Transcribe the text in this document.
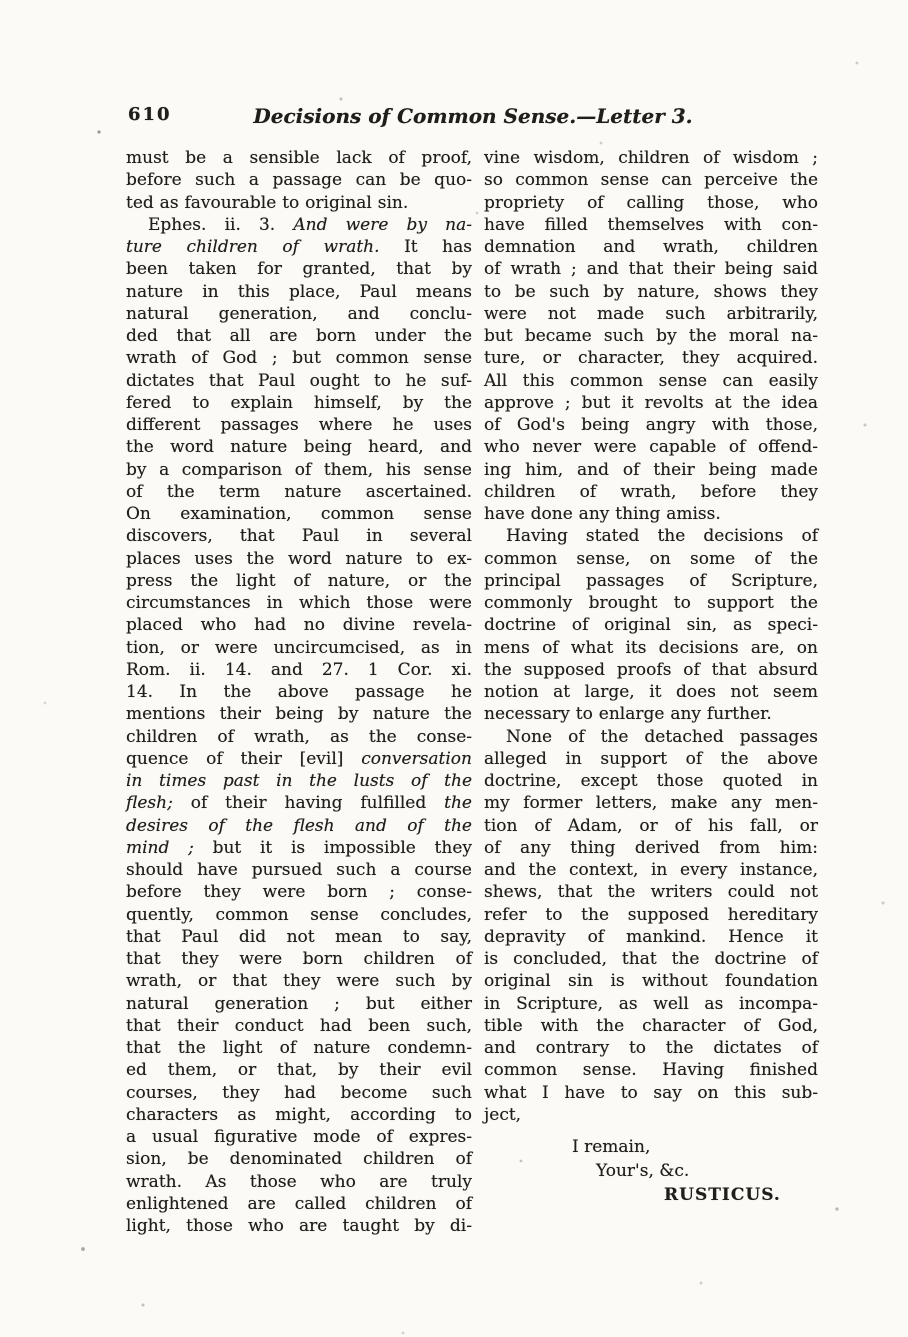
610	Decisions of Common Sense.—Letter 3.
must be a sensible lack of proof,
before such a passage can be quo-
ted as favourable to original sin.
Ephes. ii. 3. And were by na-
ture children of wrath. It has
been taken for granted, that by
nature in this place, Paul means
natural generation, and conclu-
ded that all are born under the
wrath of God ; but common sense
dictates that Paul ought to he suf-
fered to explain himself, by the
different passages where he uses
the word nature being heard, and
by a comparison of them, his sense
of the term nature ascertained.
On examination, common sense
discovers, that Paul in several
places uses the word nature to ex-
press the light of nature, or the
circumstances in which those were
placed who had no divine revela-
tion, or were uncircumcised, as in
Rom. ii. 14. and 27. 1 Cor. xi.
14. In the above passage he
mentions their being by nature the
children of wrath, as the conse-
quence of their [evil] conversation
in times past in the lusts of the
flesh; of their having fulfilled the
desires of the flesh and of the
mind ; but it is impossible they
should have pursued such a course
before they were born ; conse-
quently, common sense concludes,
that Paul did not mean to say,
that they were born children of
wrath, or that they were such by
natural generation ; but either
that their conduct had been such,
that the light of nature condemn-
ed them, or that, by their evil
courses, they had become such
characters as might, according to
a usual figurative mode of expres-
sion, be denominated children of
wrath. As those who are truly
enlightened are called children of
light, those who are taught by di-
vine wisdom, children of wisdom ;
so common sense can perceive the
propriety of calling those, who
have filled themselves with con-
demnation and wrath, children
of wrath ; and that their being said
to be such by nature, shows they
were not made such arbitrarily,
but became such by the moral na-
ture, or character, they acquired.
All this common sense can easily
approve ; but it revolts at the idea
of God's being angry with those,
who never were capable of offend-
ing him, and of their being made
children of wrath, before they
have done any thing amiss.
Having stated the decisions of
common sense, on some of the
principal passages of Scripture,
commonly brought to support the
doctrine of original sin, as speci-
mens of what its decisions are, on
the supposed proofs of that absurd
notion at large, it does not seem
necessary to enlarge any further.
None of the detached passages
alleged in support of the above
doctrine, except those quoted in
my former letters, make any men-
tion of Adam, or of his fall, or
of any thing derived from him:
and the context, in every instance,
shews, that the writers could not
refer to the supposed hereditary
depravity of mankind. Hence it
is concluded, that the doctrine of
original sin is without foundation
in Scripture, as well as incompa-
tible with the character of God,
and contrary to the dictates of
common sense. Having finished
what I have to say on this sub-
ject,
I remain,
Your's, &c.
RUSTICUS.
